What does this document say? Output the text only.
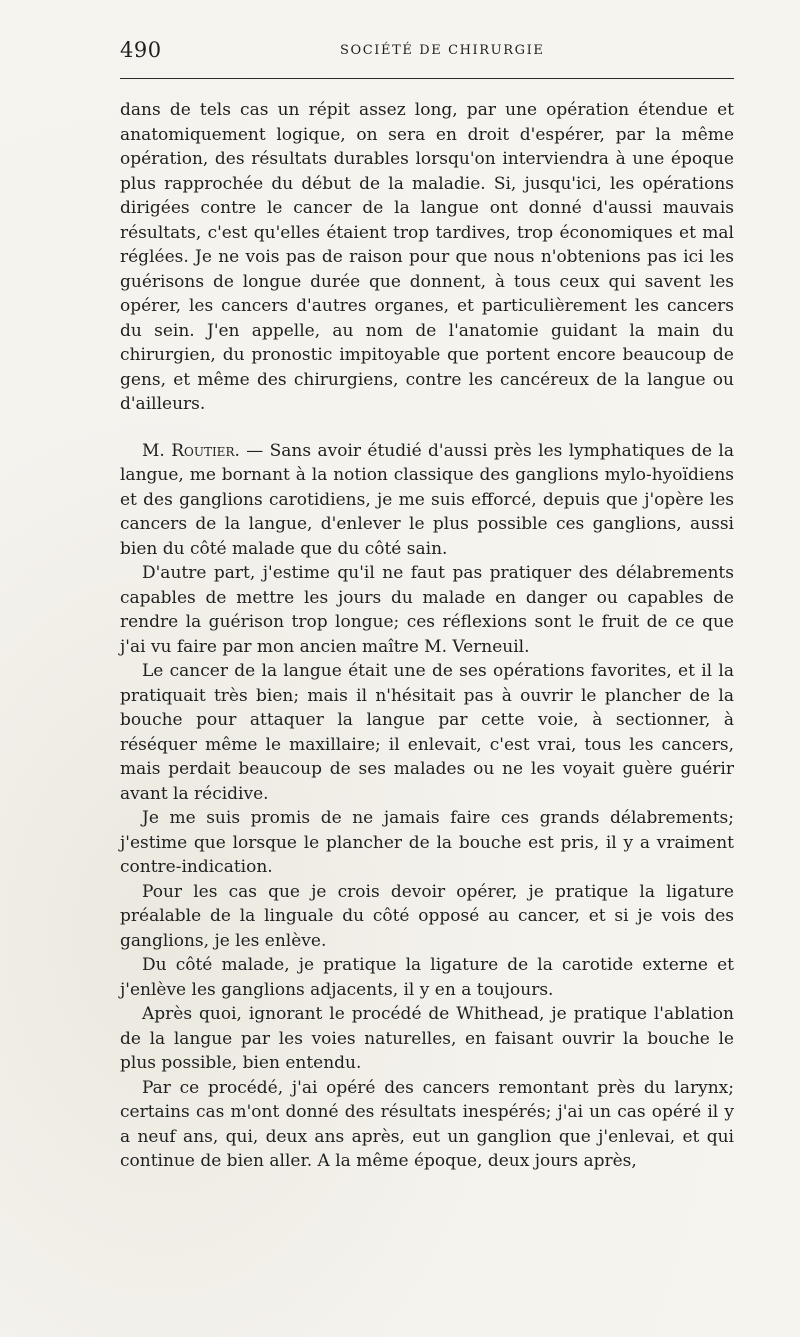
490	SOCIÉTÉ DE CHIRURGIE

dans de tels cas un répit assez long, par une opération étendue et anatomiquement logique, on sera en droit d'espérer, par la même opération, des résultats durables lorsqu'on interviendra à une époque plus rapprochée du début de la maladie. Si, jusqu'ici, les opérations dirigées contre le cancer de la langue ont donné d'aussi mauvais résultats, c'est qu'elles étaient trop tardives, trop économiques et mal réglées. Je ne vois pas de raison pour que nous n'obtenions pas ici les guérisons de longue durée que donnent, à tous ceux qui savent les opérer, les cancers d'autres organes, et particulièrement les cancers du sein. J'en appelle, au nom de l'anatomie guidant la main du chirurgien, du pronostic impitoyable que portent encore beaucoup de gens, et même des chirurgiens, contre les cancéreux de la langue ou d'ailleurs.

M. Routier. — Sans avoir étudié d'aussi près les lymphatiques de la langue, me bornant à la notion classique des ganglions mylo-hyoïdiens et des ganglions carotidiens, je me suis efforcé, depuis que j'opère les cancers de la langue, d'enlever le plus possible ces ganglions, aussi bien du côté malade que du côté sain.

D'autre part, j'estime qu'il ne faut pas pratiquer des délabrements capables de mettre les jours du malade en danger ou capables de rendre la guérison trop longue; ces réflexions sont le fruit de ce que j'ai vu faire par mon ancien maître M. Verneuil.

Le cancer de la langue était une de ses opérations favorites, et il la pratiquait très bien; mais il n'hésitait pas à ouvrir le plancher de la bouche pour attaquer la langue par cette voie, à sectionner, à réséquer même le maxillaire; il enlevait, c'est vrai, tous les cancers, mais perdait beaucoup de ses malades ou ne les voyait guère guérir avant la récidive.

Je me suis promis de ne jamais faire ces grands délabrements; j'estime que lorsque le plancher de la bouche est pris, il y a vraiment contre-indication.

Pour les cas que je crois devoir opérer, je pratique la ligature préalable de la linguale du côté opposé au cancer, et si je vois des ganglions, je les enlève.

Du côté malade, je pratique la ligature de la carotide externe et j'enlève les ganglions adjacents, il y en a toujours.

Après quoi, ignorant le procédé de Whithead, je pratique l'ablation de la langue par les voies naturelles, en faisant ouvrir la bouche le plus possible, bien entendu.

Par ce procédé, j'ai opéré des cancers remontant près du larynx; certains cas m'ont donné des résultats inespérés; j'ai un cas opéré il y a neuf ans, qui, deux ans après, eut un ganglion que j'enlevai, et qui continue de bien aller. A la même époque, deux jours après,
